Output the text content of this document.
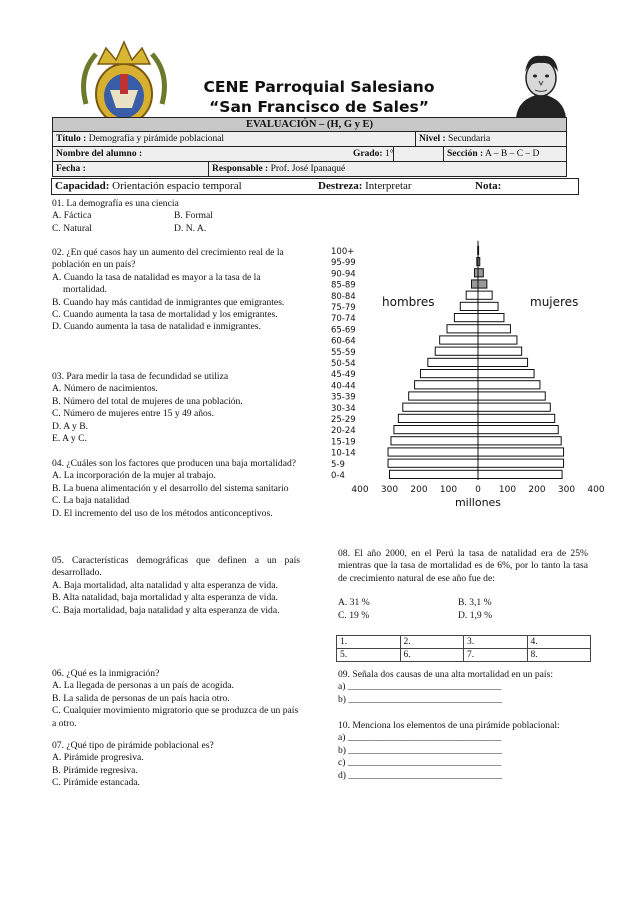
CENE Parroquial Salesiano
“San Francisco de Sales”
EVALUACIÓN – (H, G y E)
Título : Demografía y pirámide poblacional	Nivel : Secundaria
Nombre del alumno :	Grado: 1°	Sección : A – B – C – D
Fecha :	Responsable : Prof. José Ipanaqué
Capacidad: Orientación espacio temporal	Destreza: Interpretar	Nota:

01. La demografía es una ciencia

A. Fáctica	B. Formal

C. Natural	D. N. A.

02. ¿En qué casos hay un aumento del crecimiento real de la población en un país?

A. Cuando la tasa de natalidad es mayor a la tasa de la mortalidad.

B. Cuando hay más cantidad de inmigrantes que emigrantes.

C. Cuando aumenta la tasa de mortalidad y los emigrantes.

D. Cuando aumenta la tasa de natalidad e inmigrantes.

03. Para medir la tasa de fecundidad se utiliza

A. Número de nacimientos.

B. Número del total de mujeres de una población.

C. Número de mujeres entre 15 y 49 años.

D. A y B.

E. A y C.

04. ¿Cuáles son los factores que producen una baja mortalidad?

A. La incorporación de la mujer al trabajo.

B. La buena alimentación y el desarrollo del sistema sanitario

C. La baja natalidad

D. El incremento del uso de los métodos anticonceptivos.

05. Características demográficas que definen a un país desarrollado.

A. Baja mortalidad, alta natalidad y alta esperanza de vida.

B. Alta natalidad, baja mortalidad y alta esperanza de vida.

C. Baja mortalidad, baja natalidad y alta esperanza de vida.

06. ¿Qué es la inmigración?

A. La llegada de personas a un país de acogida.

B. La salida de personas de un país hacia otro.

C. Cualquier movimiento migratorio que se produzca de un país a otro.

07. ¿Qué tipo de pirámide poblacional es?

A. Pirámide progresiva.

B. Pirámide regresiva.

C. Pirámide estancada.

0-4
5-9
10-14
15-19
20-24
25-29
30-34
35-39
40-44
45-49
50-54
55-59
60-64
65-69
70-74
75-79
80-84
85-89
90-94
95-99
100+
400 300 200 100 0 100 200 300 400
hombres	mujeres
millones

08. El año 2000, en el Perú la tasa de natalidad era de 25% mientras que la tasa de mortalidad es de 6%, por lo tanto la tasa de crecimiento natural de ese año fue de:

A. 31 %	B. 3,1 %

C. 19 %	D. 1,9 %

1.	2.	3.	4.
5.	6.	7.	8.

09. Señala dos causas de una alta mortalidad en un país:

a) ________________________________

b) ________________________________

10. Menciona los elementos de una pirámide poblacional:

a) ________________________________

b) ________________________________

c) ________________________________

d) ________________________________
